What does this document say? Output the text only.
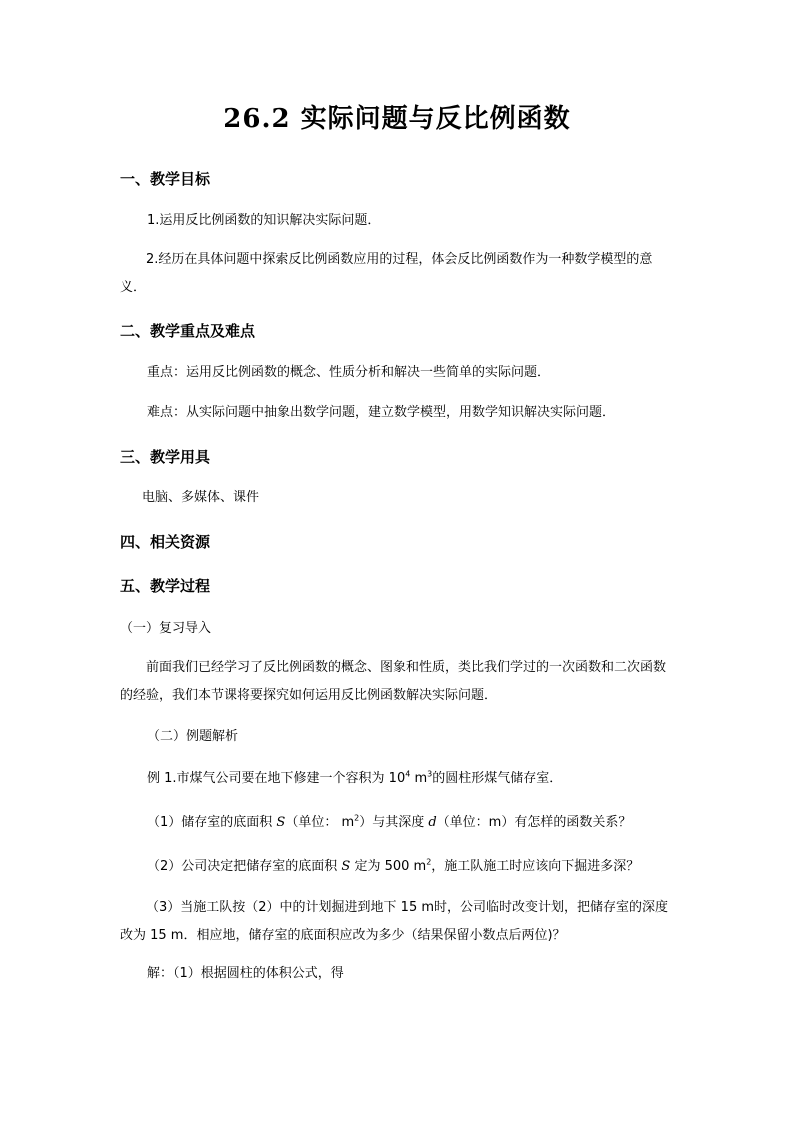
26.2 实际问题与反比例函数
一、教学目标
1.运用反比例函数的知识解决实际问题．
2.经历在具体问题中探索反比例函数应用的过程，体会反比例函数作为一种数学模型的意义．
二、教学重点及难点
重点：运用反比例函数的概念、性质分析和解决一些简单的实际问题．
难点：从实际问题中抽象出数学问题，建立数学模型，用数学知识解决实际问题．
三、教学用具
电脑、多媒体、课件
四、相关资源
五、教学过程
（一）复习导入
前面我们已经学习了反比例函数的概念、图象和性质，类比我们学过的一次函数和二次函数的经验，我们本节课将要探究如何运用反比例函数解决实际问题．
（二）例题解析
例 1.市煤气公司要在地下修建一个容积为 $10^4$ $m^3$的圆柱形煤气储存室．
（1）储存室的底面积 S（单位： $m^2$）与其深度 d（单位：m）有怎样的函数关系？
（2）公司决定把储存室的底面积 S 定为 500 $m^2$，施工队施工时应该向下掘进多深？
（3）当施工队按（2）中的计划掘进到地下 15 m时，公司临时改变计划，把储存室的深度改为 15 m．相应地，储存室的底面积应改为多少（结果保留小数点后两位)？
解：（1）根据圆柱的体积公式，得
